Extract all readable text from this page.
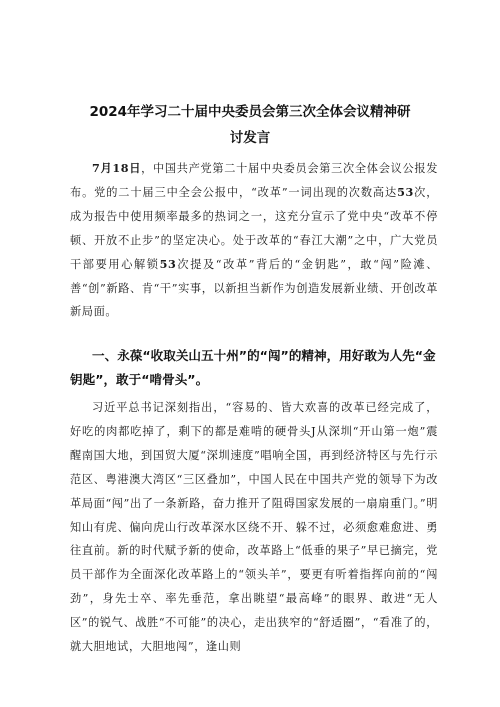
2024年学习二十届中央委员会第三次全体会议精神研
讨发言

7月18日，中国共产党第二十届中央委员会第三次全体会议公报发布。党的二十届三中全会公报中，“改革”一词出现的次数高达53次，成为报告中使用频率最多的热词之一，这充分宣示了党中央“改革不停顿、开放不止步”的坚定决心。处于改革的“春江大潮”之中，广大党员干部要用心解锁53次提及“改革”背后的“金钥匙”，敢“闯”险滩、善“创”新路、肯“干”实事，以新担当新作为创造发展新业绩、开创改革新局面。

一、永葆“收取关山五十州”的“闯”的精神，用好敢为人先“金钥匙”，敢于“啃骨头”。

习近平总书记深刻指出，“容易的、皆大欢喜的改革已经完成了，好吃的肉都吃掉了，剩下的都是难啃的硬骨头J从深圳“开山第一炮”震醒南国大地，到国贸大厦“深圳速度”唱响全国，再到经济特区与先行示范区、粤港澳大湾区“三区叠加”，中国人民在中国共产党的领导下为改革局面“闯”出了一条新路，奋力推开了阻碍国家发展的一扇扇重门。”明知山有虎、偏向虎山行改革深水区绕不开、躲不过，必须愈难愈进、勇往直前。新的时代赋予新的使命，改革路上“低垂的果子”早已摘完，党员干部作为全面深化改革路上的“领头羊”，要更有听着指挥向前的“闯劲”，身先士卒、率先垂范，拿出眺望“最高峰”的眼界、敢进“无人区”的锐气、战胜“不可能”的决心，走出狭窄的“舒适圈”，“看准了的，就大胆地试，大胆地闯”，逢山则
